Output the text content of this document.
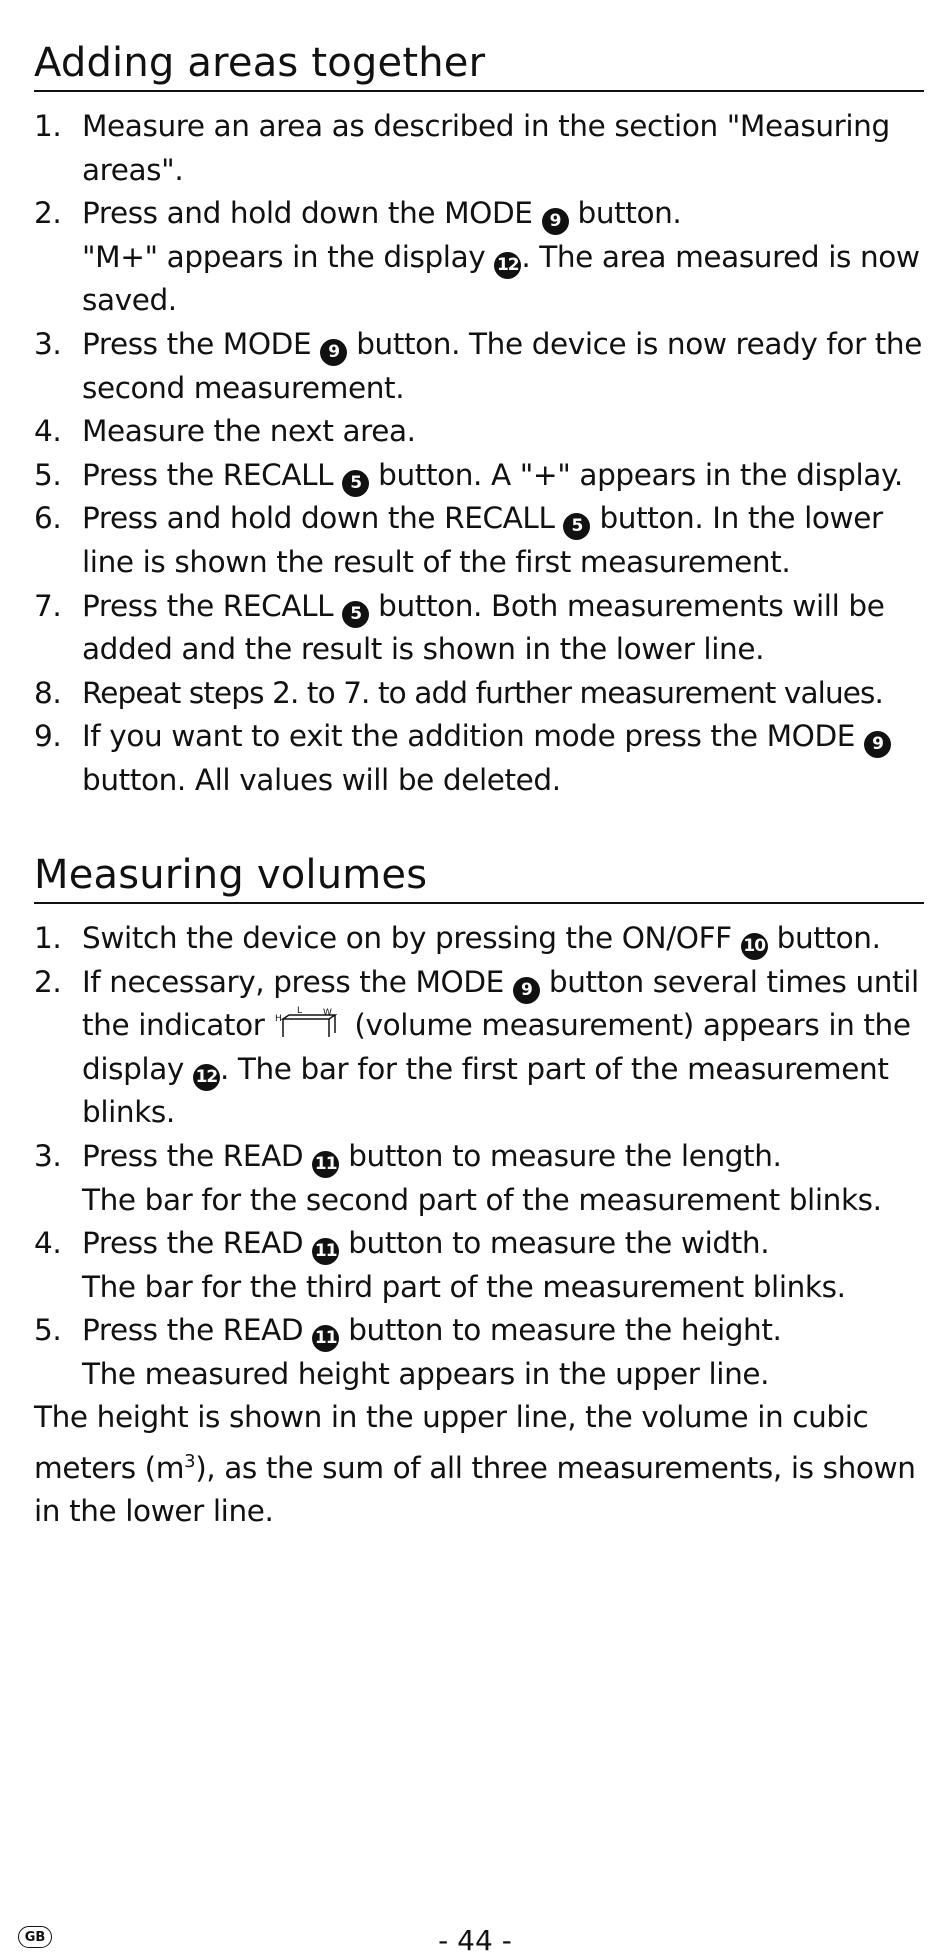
Adding areas together
1. Measure an area as described in the section "Measuring areas".
2. Press and hold down the MODE 9 button.
"M+" appears in the display 12. The area measured is now saved.
3. Press the MODE 9 button. The device is now ready for the second measurement.
4. Measure the next area.
5. Press the RECALL 5 button. A "+" appears in the display.
6. Press and hold down the RECALL 5 button. In the lower line is shown the result of the first measurement.
7. Press the RECALL 5 button. Both measurements will be added and the result is shown in the lower line.
8. Repeat steps 2. to 7. to add further measurement values.
9. If you want to exit the addition mode press the MODE 9 button. All values will be deleted.
Measuring volumes
1. Switch the device on by pressing the ON/OFF 10 button.
2. If necessary, press the MODE 9 button several times until the indicator H
L W (volume measurement) appears in the display 12. The bar for the first part of the measurement blinks.
3. Press the READ 11 button to measure the length.
The bar for the second part of the measurement blinks.
4. Press the READ 11 button to measure the width.
The bar for the third part of the measurement blinks.
5. Press the READ 11 button to measure the height.
The measured height appears in the upper line.

The height is shown in the upper line, the volume in cubic meters $(m^3)$, as the sum of all three measurements, is shown in the lower line.

GB	- 44 -
